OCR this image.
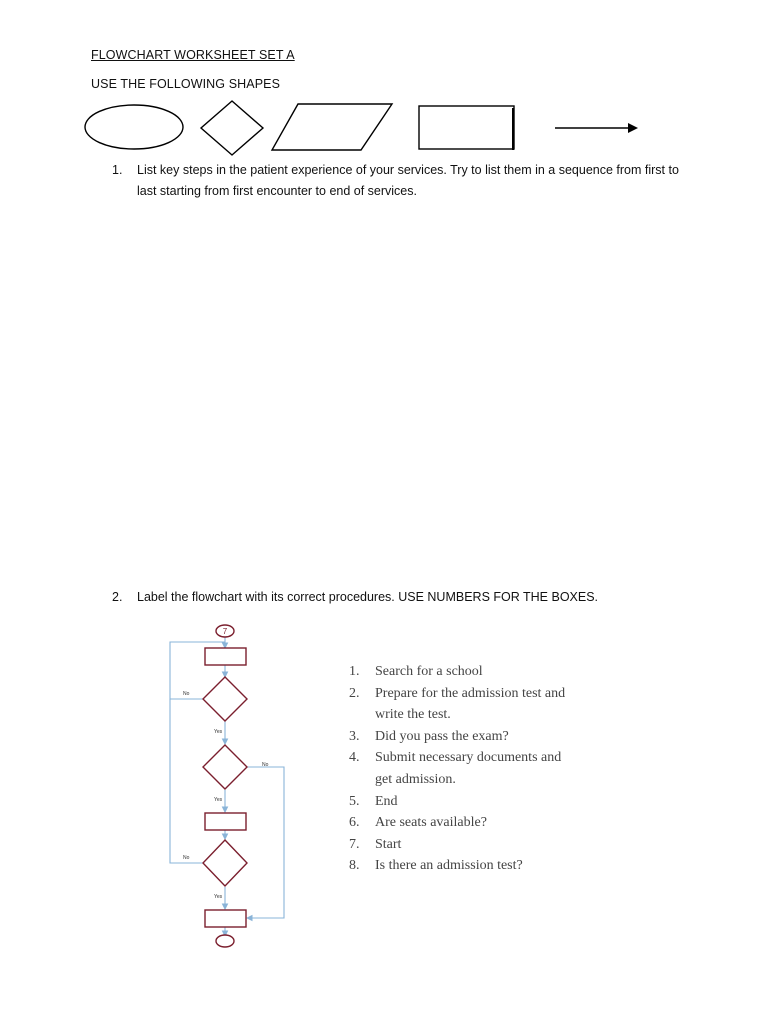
FLOWCHART WORKSHEET SET A
USE THE FOLLOWING SHAPES
1. List key steps in the patient experience of your services. Try to list them in a sequence from first to
last starting from first encounter to end of services.
2. Label the flowchart with its correct procedures. USE NUMBERS FOR THE BOXES.
7
No
Yes
No
Yes
No
Yes
1. Search for a school
2. Prepare for the admission test and
write the test.
3. Did you pass the exam?
4. Submit necessary documents and
get admission.
5. End
6. Are seats available?
7. Start
8. Is there an admission test?
